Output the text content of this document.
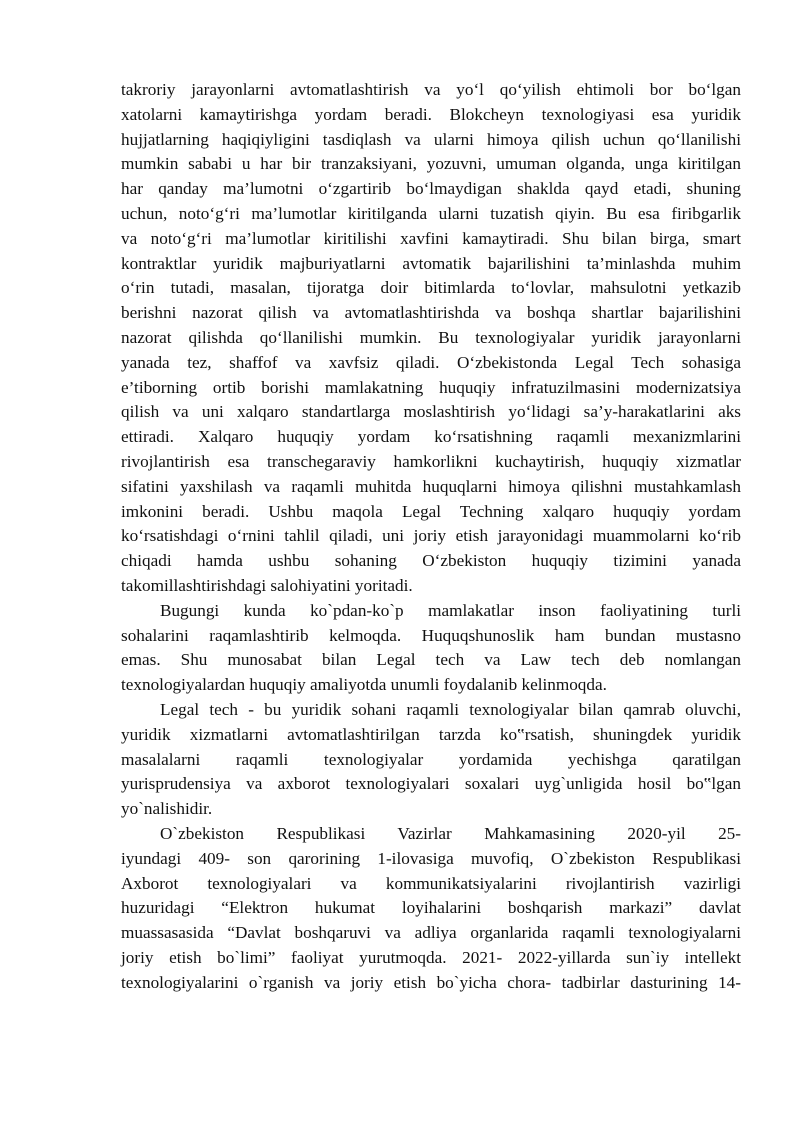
takroriy jarayonlarni avtomatlashtirish va yo‘l qo‘yilish ehtimoli bor bo‘lgan
xatolarni kamaytirishga yordam beradi. Blokcheyn texnologiyasi esa yuridik
hujjatlarning haqiqiyligini tasdiqlash va ularni himoya qilish uchun qo‘llanilishi
mumkin sababi u har bir tranzaksiyani, yozuvni, umuman olganda, unga kiritilgan
har qanday ma’lumotni o‘zgartirib bo‘lmaydigan shaklda qayd etadi, shuning
uchun, noto‘g‘ri ma’lumotlar kiritilganda ularni tuzatish qiyin. Bu esa firibgarlik
va noto‘g‘ri ma’lumotlar kiritilishi xavfini kamaytiradi. Shu bilan birga, smart
kontraktlar yuridik majburiyatlarni avtomatik bajarilishini ta’minlashda muhim
o‘rin tutadi, masalan, tijoratga doir bitimlarda to‘lovlar, mahsulotni yetkazib
berishni nazorat qilish va avtomatlashtirishda va boshqa shartlar bajarilishini
nazorat qilishda qo‘llanilishi mumkin. Bu texnologiyalar yuridik jarayonlarni
yanada tez, shaffof va xavfsiz qiladi. O‘zbekistonda Legal Tech sohasiga
e’tiborning ortib borishi mamlakatning huquqiy infratuzilmasini modernizatsiya
qilish va uni xalqaro standartlarga moslashtirish yo‘lidagi sa’y-harakatlarini aks
ettiradi. Xalqaro huquqiy yordam ko‘rsatishning raqamli mexanizmlarini
rivojlantirish esa transchegaraviy hamkorlikni kuchaytirish, huquqiy xizmatlar
sifatini yaxshilash va raqamli muhitda huquqlarni himoya qilishni mustahkamlash
imkonini beradi. Ushbu maqola Legal Techning xalqaro huquqiy yordam
ko‘rsatishdagi o‘rnini tahlil qiladi, uni joriy etish jarayonidagi muammolarni ko‘rib
chiqadi hamda ushbu sohaning O‘zbekiston huquqiy tizimini yanada
takomillashtirishdagi salohiyatini yoritadi.
Bugungi kunda ko`pdan-ko`p mamlakatlar inson faoliyatining turli
sohalarini raqamlashtirib kelmoqda. Huquqshunoslik ham bundan mustasno
emas. Shu munosabat bilan Legal tech va Law tech deb nomlangan
texnologiyalardan huquqiy amaliyotda unumli foydalanib kelinmoqda.
Legal tech - bu yuridik sohani raqamli texnologiyalar bilan qamrab oluvchi,
yuridik xizmatlarni avtomatlashtirilgan tarzda ko‟rsatish, shuningdek yuridik
masalalarni raqamli texnologiyalar yordamida yechishga qaratilgan
yurisprudensiya va axborot texnologiyalari soxalari uyg`unligida hosil bo‟lgan
yo`nalishidir.
O`zbekiston Respublikasi Vazirlar Mahkamasining 2020-yil 25-
iyundagi 409- son qarorining 1-ilovasiga muvofiq, O`zbekiston Respublikasi
Axborot texnologiyalari va kommunikatsiyalarini rivojlantirish vazirligi
huzuridagi “Elektron hukumat loyihalarini boshqarish markazi” davlat
muassasasida “Davlat boshqaruvi va adliya organlarida raqamli texnologiyalarni
joriy etish bo`limi” faoliyat yurutmoqda. 2021- 2022-yillarda sun`iy intellekt
texnologiyalarini o`rganish va joriy etish bo`yicha chora- tadbirlar dasturining 14-
